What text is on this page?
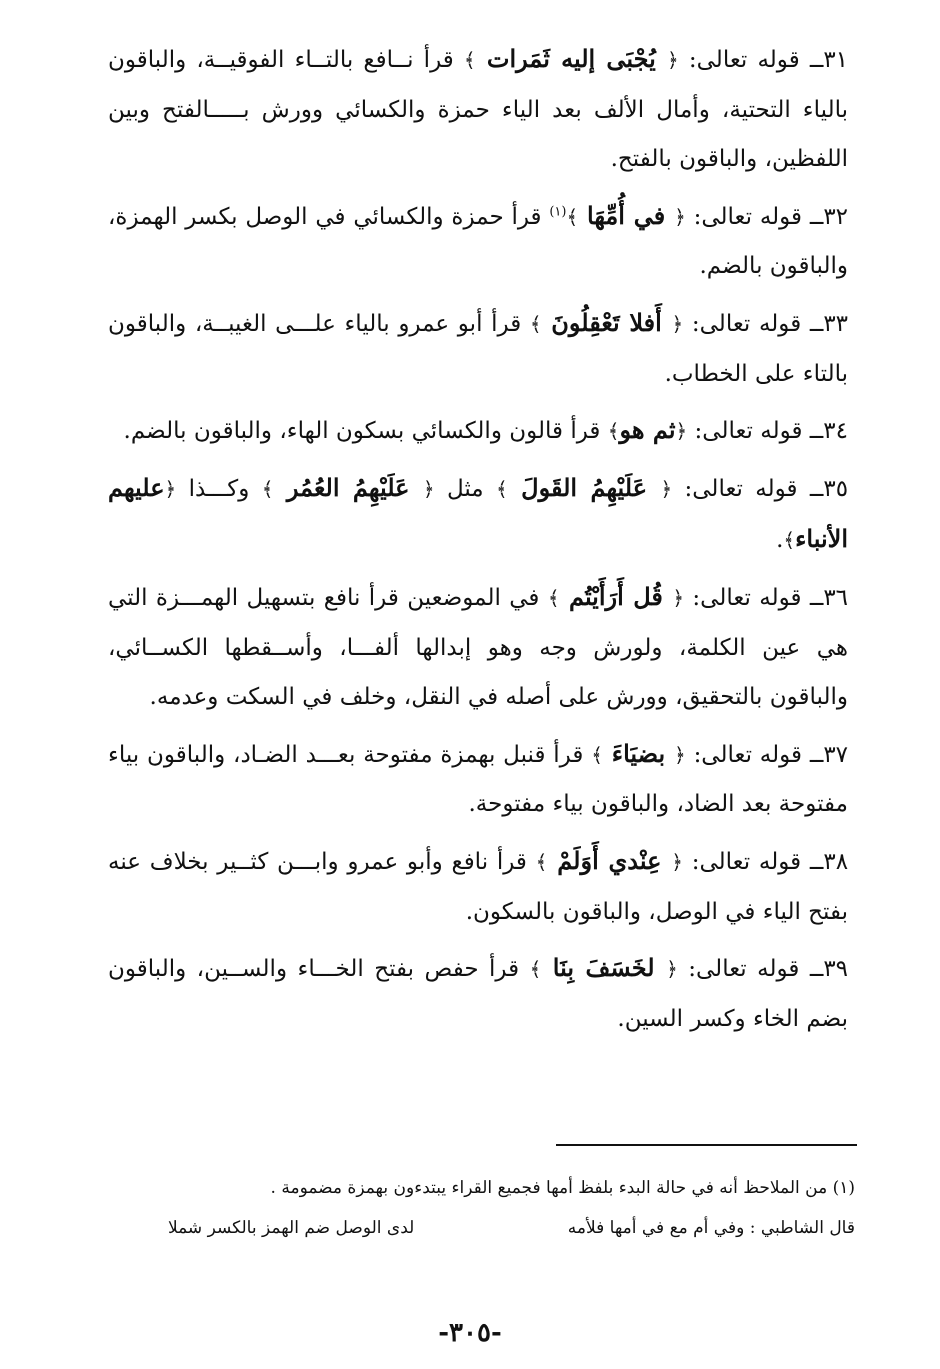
٣١ــ قوله تعالى: ﴿ يُجْبَى إليه ثَمَرات ﴾ قرأ نــافع بالتــاء الفوقيــة، والباقون بالياء التحتية، وأمال الألف بعد الياء حمزة والكسائي وورش بـــــالفتح وبين اللفظين، والباقون بالفتح.

٣٢ــ قوله تعالى: ﴿ في أُمِّهَا ﴾$^{(١)}$ قرأ حمزة والكسائي في الوصل بكسر الهمزة، والباقون بالضم.

٣٣ــ قوله تعالى: ﴿ أَفلا تَعْقِلُونَ ﴾ قرأ أبو عمرو بالياء علـــى الغيبــة، والباقون بالتاء على الخطاب.

٣٤ــ قوله تعالى: ﴿ثم هو﴾ قرأ قالون والكسائي بسكون الهاء، والباقون بالضم.

٣٥ــ قوله تعالى: ﴿ عَلَيْهِمُ القَولَ ﴾ مثل ﴿ عَلَيْهِمُ العُمُر ﴾ وكـــذا ﴿عليهم الأنباء﴾.

٣٦ــ قوله تعالى: ﴿ قُل أَرَأَيْتُم ﴾ في الموضعين قرأ نافع بتسهيل الهمـــزة التي هي عين الكلمة، ولورش وجه وهو إبدالها ألفـــا، وأســقطها الكســائي، والباقون بالتحقيق، وورش على أصله في النقل، وخلف في السكت وعدمه.

٣٧ــ قوله تعالى: ﴿ بضيَاءَ ﴾ قرأ قنبل بهمزة مفتوحة بعـــد الضـاد، والباقون بياء مفتوحة بعد الضاد، والباقون بياء مفتوحة.

٣٨ــ قوله تعالى: ﴿ عِنْدي أَوَلَمْ ﴾ قرأ نافع وأبو عمرو وابـــن كثــير بخلاف عنه بفتح الياء في الوصل، والباقون بالسكون.

٣٩ــ قوله تعالى: ﴿ لخَسَفَ بِنَا ﴾ قرأ حفص بفتح الخـــاء والســين، والباقون بضم الخاء وكسر السين.

(١) من الملاحظ أنه في حالة البدء بلفظ أمها فجميع القراء يبتدءون بهمزة مضمومة .
قال الشاطبي :

وفي أم مع في أمها فلأمه
لدى الوصل ضم الهمز بالكسر شملا
-٣٠٥-
